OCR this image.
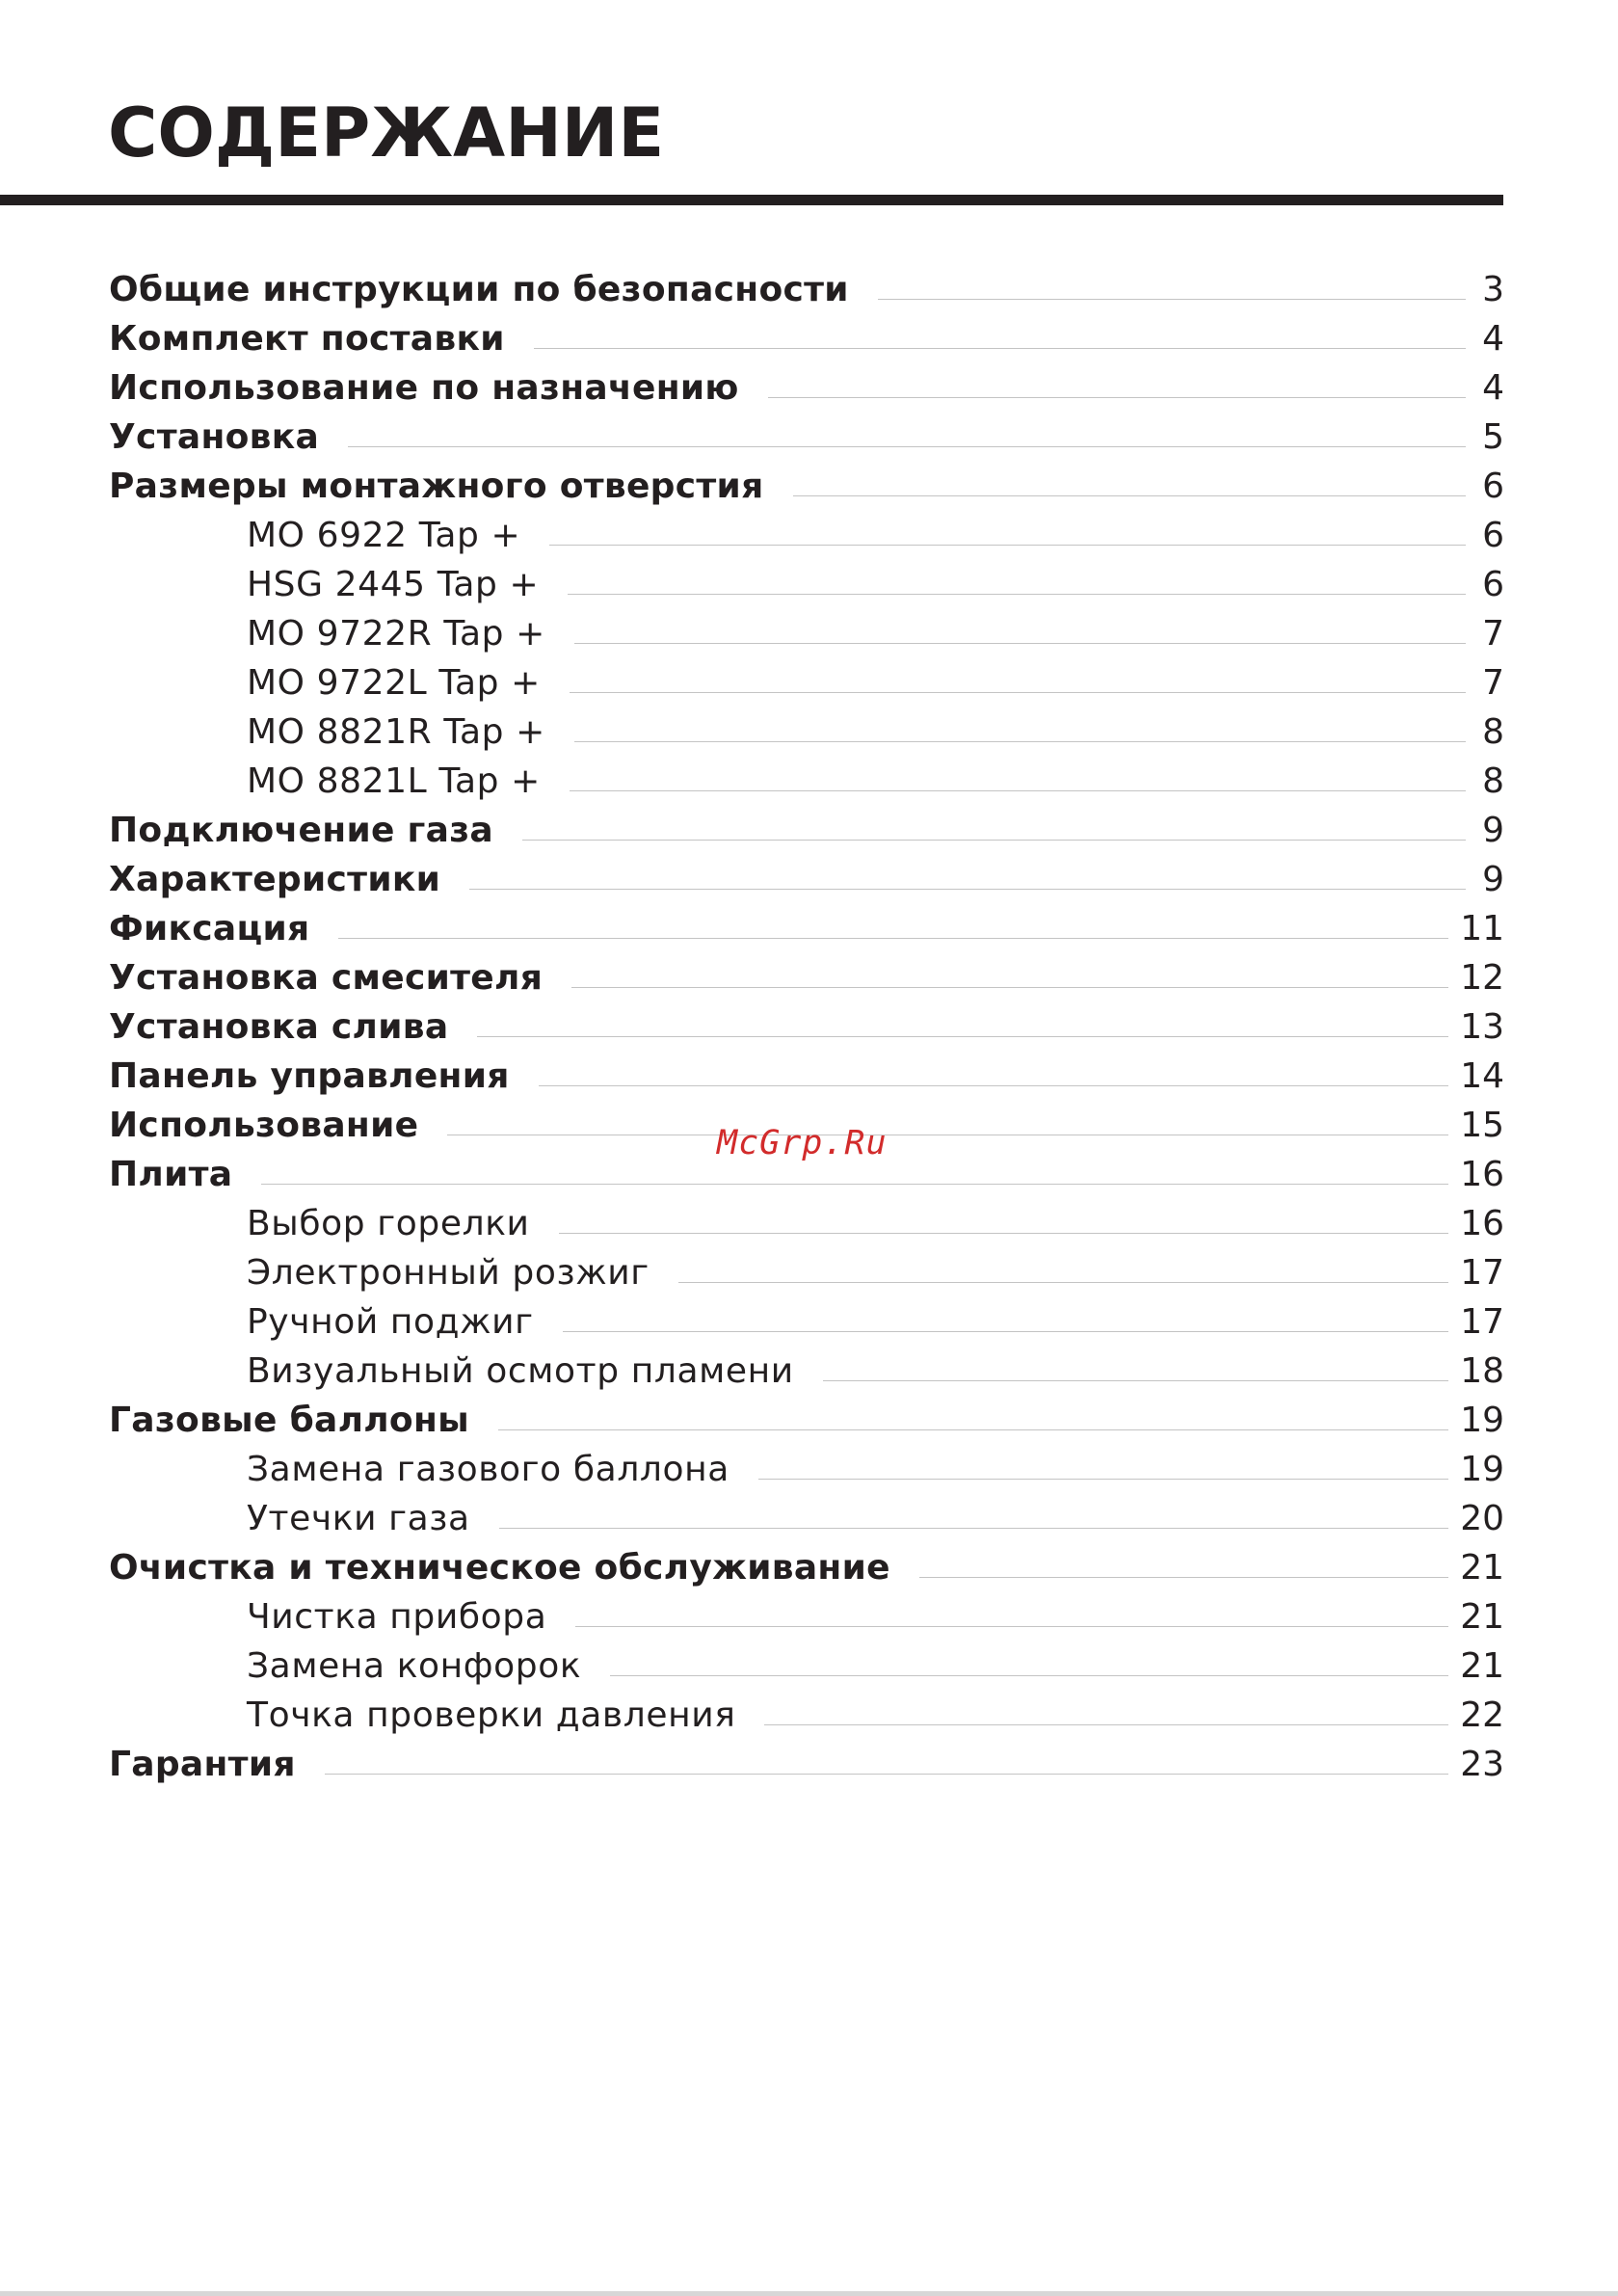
СОДЕРЖАНИЕ
Общие инструкции по безопасности	3
Комплект поставки	4
Использование по назначению	4
Установка	5
Размеры монтажного отверстия	6
MO 6922 Tap +	6
HSG 2445 Tap +	6
MO 9722R Tap +	7
MO 9722L Tap +	7
MO 8821R Tap +	8
MO 8821L Tap +	8
Подключение газа	9
Характеристики	9
Фиксация	11
Установка смесителя	12
Установка слива	13
Панель управления	14
Использование	15
Плита	16
Выбор горелки	16
Электронный розжиг	17
Ручной поджиг	17
Визуальный осмотр пламени	18
Газовые баллоны	19
Замена газового баллона	19
Утечки газа	20
Очистка и техническое обслуживание	21
Чистка прибора	21
Замена конфорок	21
Точка проверки давления	22
Гарантия	23
McGrp.Ru
